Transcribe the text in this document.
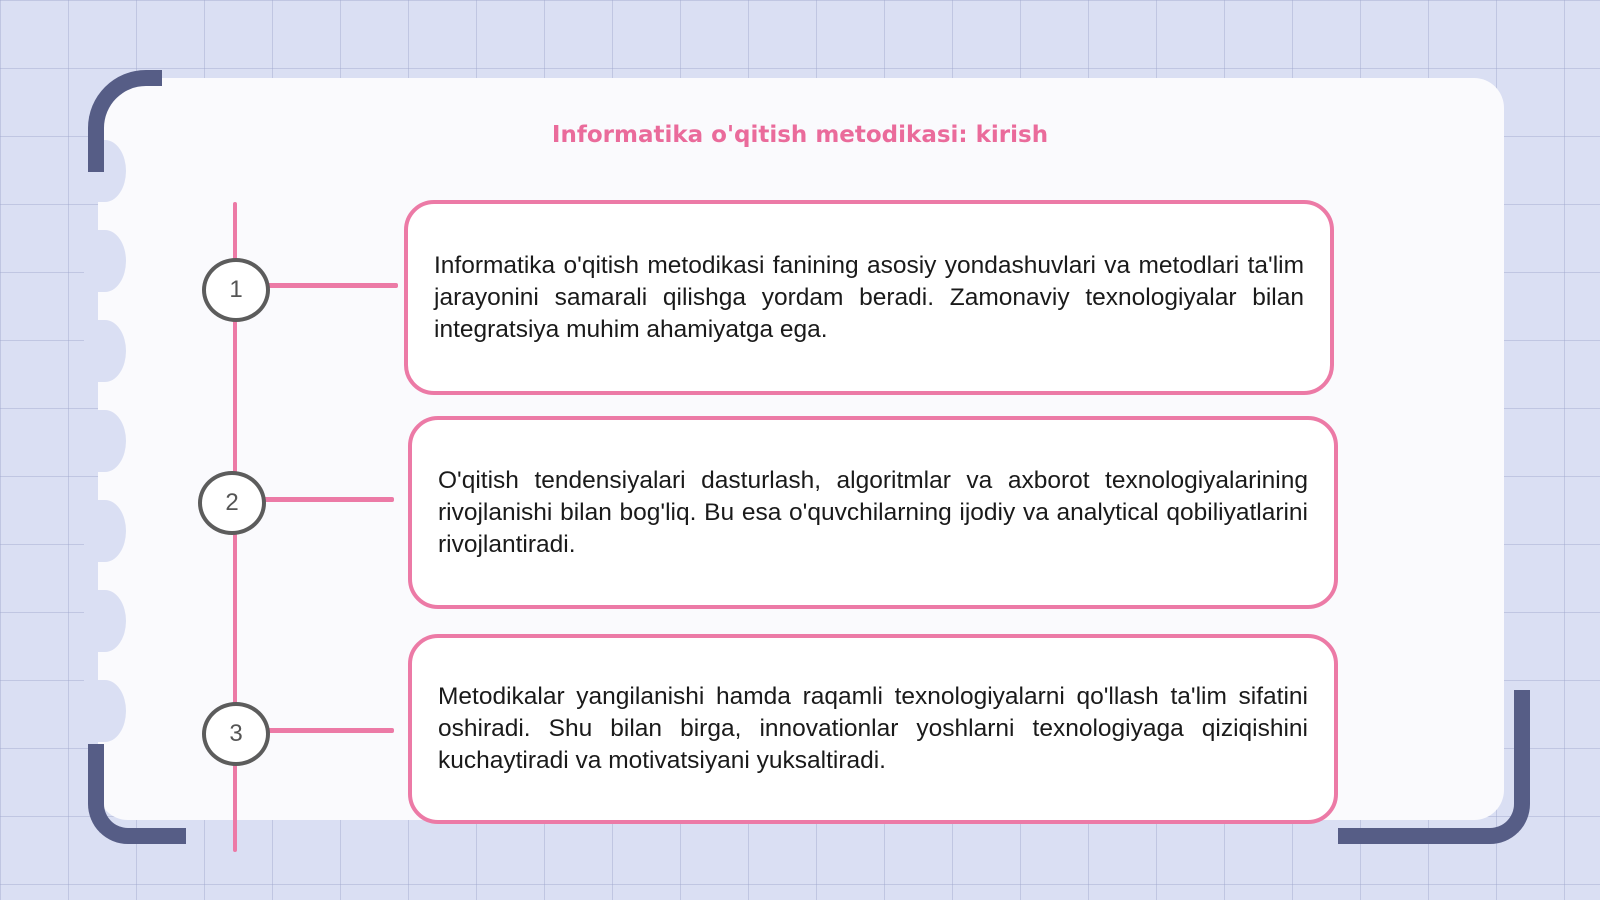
Informatika o'qitish metodikasi: kirish
1

Informatika o'qitish metodikasi fanining asosiy yondashuvlari va metodlari ta'lim jarayonini samarali qilishga yordam beradi. Zamonaviy texnologiyalar bilan integratsiya muhim ahamiyatga ega.

2

O'qitish tendensiyalari dasturlash, algoritmlar va axborot texnologiyalarining rivojlanishi bilan bog'liq. Bu esa o'quvchilarning ijodiy va analytical qobiliyatlarini rivojlantiradi.

3

Metodikalar yangilanishi hamda raqamli texnologiyalarni qo'llash ta'lim sifatini oshiradi. Shu bilan birga, innovationlar yoshlarni texnologiyaga qiziqishini kuchaytiradi va motivatsiyani yuksaltiradi.
